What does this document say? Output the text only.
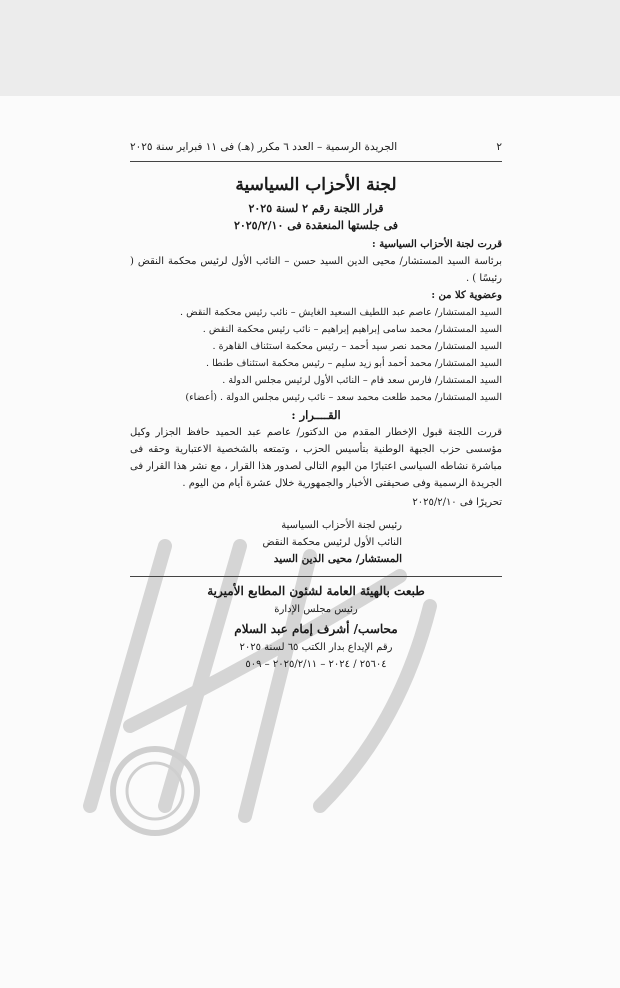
٢
الجريدة الرسمية – العدد ٦ مكرر (هـ) فى ١١ فبراير سنة ٢٠٢٥
لجنة الأحزاب السياسية
قرار اللجنة رقم ٢ لسنة ٢٠٢٥
فى جلستها المنعقدة فى ٢٠٢٥/٢/١٠
قررت لجنة الأحزاب السياسية :
برئاسة السيد المستشار/ محيى الدين السيد حسن – النائب الأول لرئيس محكمة النقض ( رئيسًا ) .
وعضوية كلا من :
السيد المستشار/ عاصم عبد اللطيف السعيد الغايش – نائب رئيس محكمة النقض .
السيد المستشار/ محمد سامى إبراهيم إبراهيم – نائب رئيس محكمة النقض .
السيد المستشار/ محمد نصر سيد أحمد – رئيس محكمة استئناف القاهرة .
السيد المستشار/ محمد أحمد أبو زيد سليم – رئيس محكمة استئناف طنطا .
السيد المستشار/ فارس سعد فام – النائب الأول لرئيس مجلس الدولة .
السيد المستشار/ محمد طلعت محمد سعد – نائب رئيس مجلس الدولة . (أعضاء)
القــــرار :
قررت اللجنة قبول الإخطار المقدم من الدكتور/ عاصم عبد الحميد حافظ الجزار وكيل مؤسسى حزب الجبهة الوطنية بتأسيس الحزب ، وتمتعه بالشخصية الاعتبارية وحقه فى مباشرة نشاطه السياسى اعتبارًا من اليوم التالى لصدور هذا القرار ، مع نشر هذا القرار فى الجريدة الرسمية وفى صحيفتى الأخبار والجمهورية خلال عشرة أيام من اليوم .
تحريرًا فى ٢٠٢٥/٢/١٠
رئيس لجنة الأحزاب السياسية
النائب الأول لرئيس محكمة النقض
المستشار/ محيى الدين السيد
طبعت بالهيئة العامة لشئون المطابع الأميرية
رئيس مجلس الإدارة
محاسب/ أشرف إمام عبد السلام
رقم الإيداع بدار الكتب ٦٥ لسنة ٢٠٢٥
٢٥٦٠٤ / ٢٠٢٤ – ٢٠٢٥/٢/١١ – ٥٠٩
